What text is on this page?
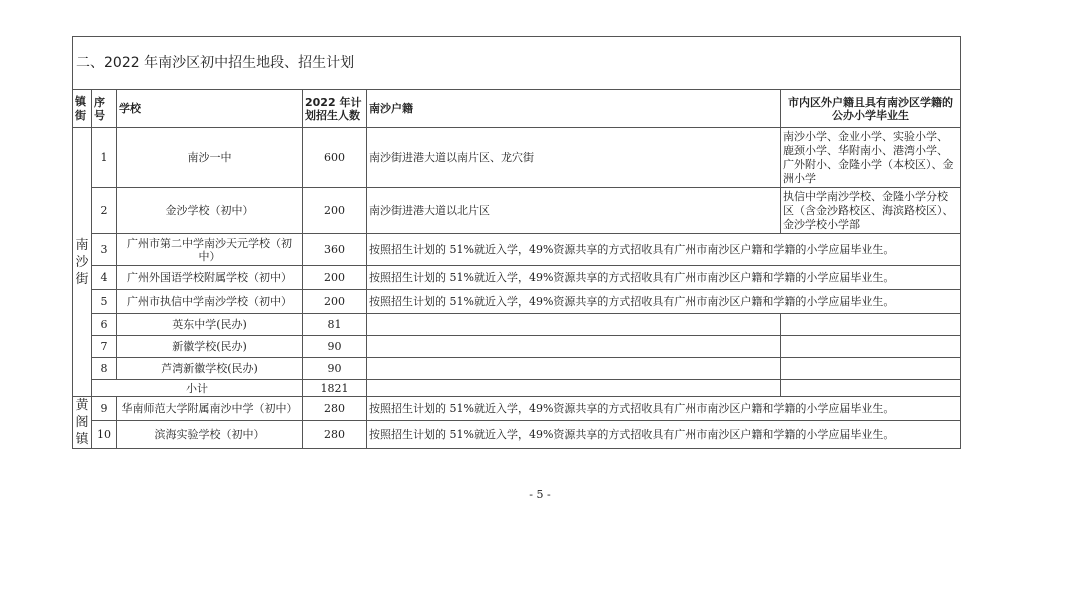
二、2022 年南沙区初中招生地段、招生计划					
镇街	序号	学校	2022 年计划招生人数	南沙户籍	市内区外户籍且具有南沙区学籍的公办小学毕业生
南沙街	1	南沙一中	600	南沙街进港大道以南片区、龙穴街	南沙小学、金业小学、实验小学、鹿颈小学、华附南小、港湾小学、广外附小、金隆小学（本校区）、金洲小学
	2	金沙学校（初中）	200	南沙街进港大道以北片区	执信中学南沙学校、金隆小学分校区（含金沙路校区、海滨路校区）、金沙学校小学部
	3	广州市第二中学南沙天元学校（初中）	360	按照招生计划的 51%就近入学，49%资源共享的方式招收具有广州市南沙区户籍和学籍的小学应届毕业生。	
	4	广州外国语学校附属学校（初中）	200	按照招生计划的 51%就近入学，49%资源共享的方式招收具有广州市南沙区户籍和学籍的小学应届毕业生。	
	5	广州市执信中学南沙学校（初中）	200	按照招生计划的 51%就近入学，49%资源共享的方式招收具有广州市南沙区户籍和学籍的小学应届毕业生。	
	6	英东中学(民办)	81		
	7	新徽学校(民办)	90		
	8	芦湾新徽学校(民办)	90		
	小计		1821		
黄阁镇	9	华南师范大学附属南沙中学（初中）	280	按照招生计划的 51%就近入学，49%资源共享的方式招收具有广州市南沙区户籍和学籍的小学应届毕业生。	
	10	滨海实验学校（初中）	280	按照招生计划的 51%就近入学，49%资源共享的方式招收具有广州市南沙区户籍和学籍的小学应届毕业生。	
- 5 -
